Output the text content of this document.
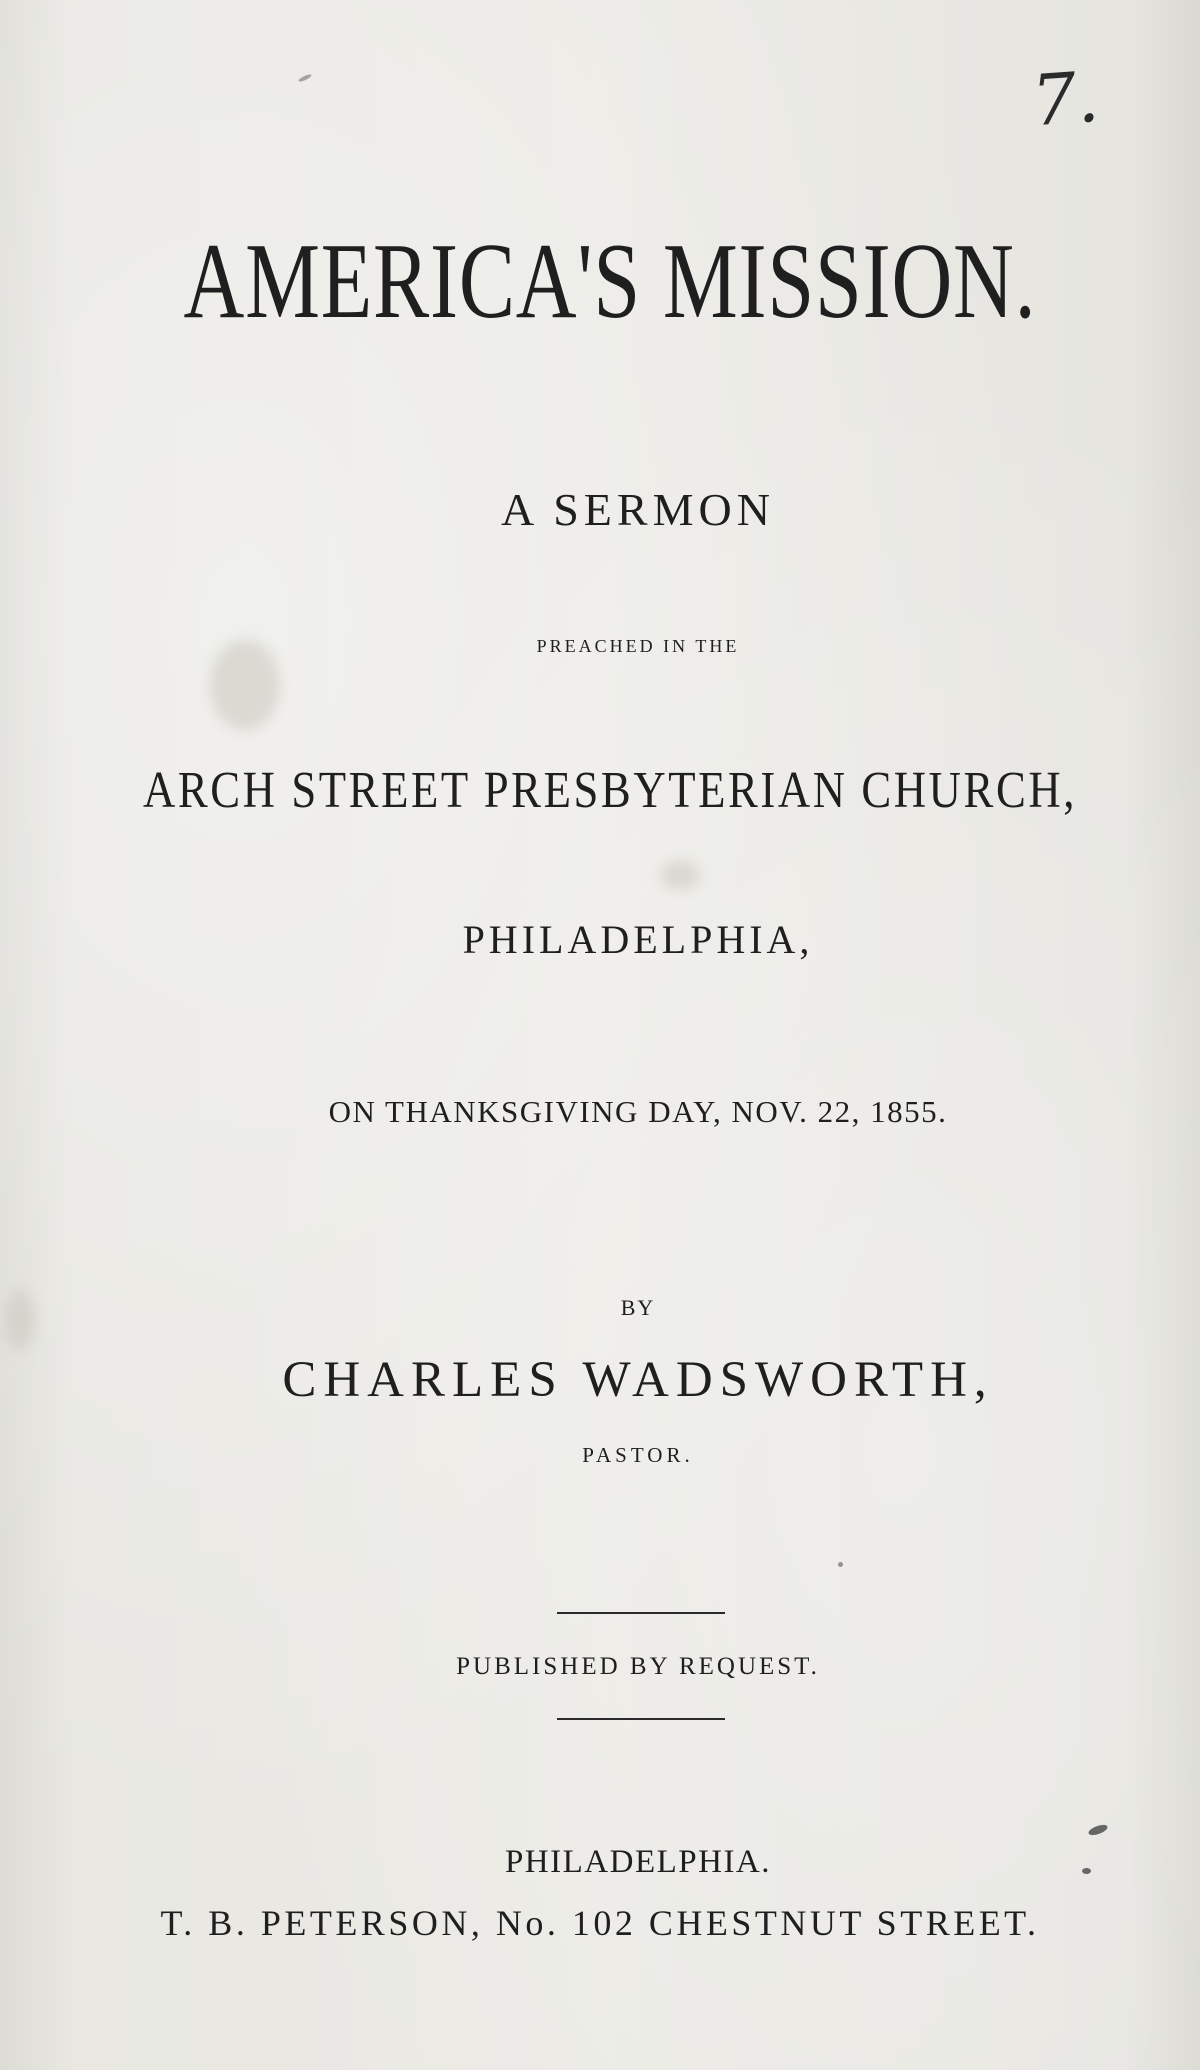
7.
AMERICA'S MISSION.
A SERMON
PREACHED IN THE
ARCH STREET PRESBYTERIAN CHURCH,
PHILADELPHIA,
ON THANKSGIVING DAY, NOV. 22, 1855.
BY
CHARLES WADSWORTH,
PASTOR.
PUBLISHED BY REQUEST.
PHILADELPHIA.
T. B. PETERSON, No. 102 CHESTNUT STREET.
